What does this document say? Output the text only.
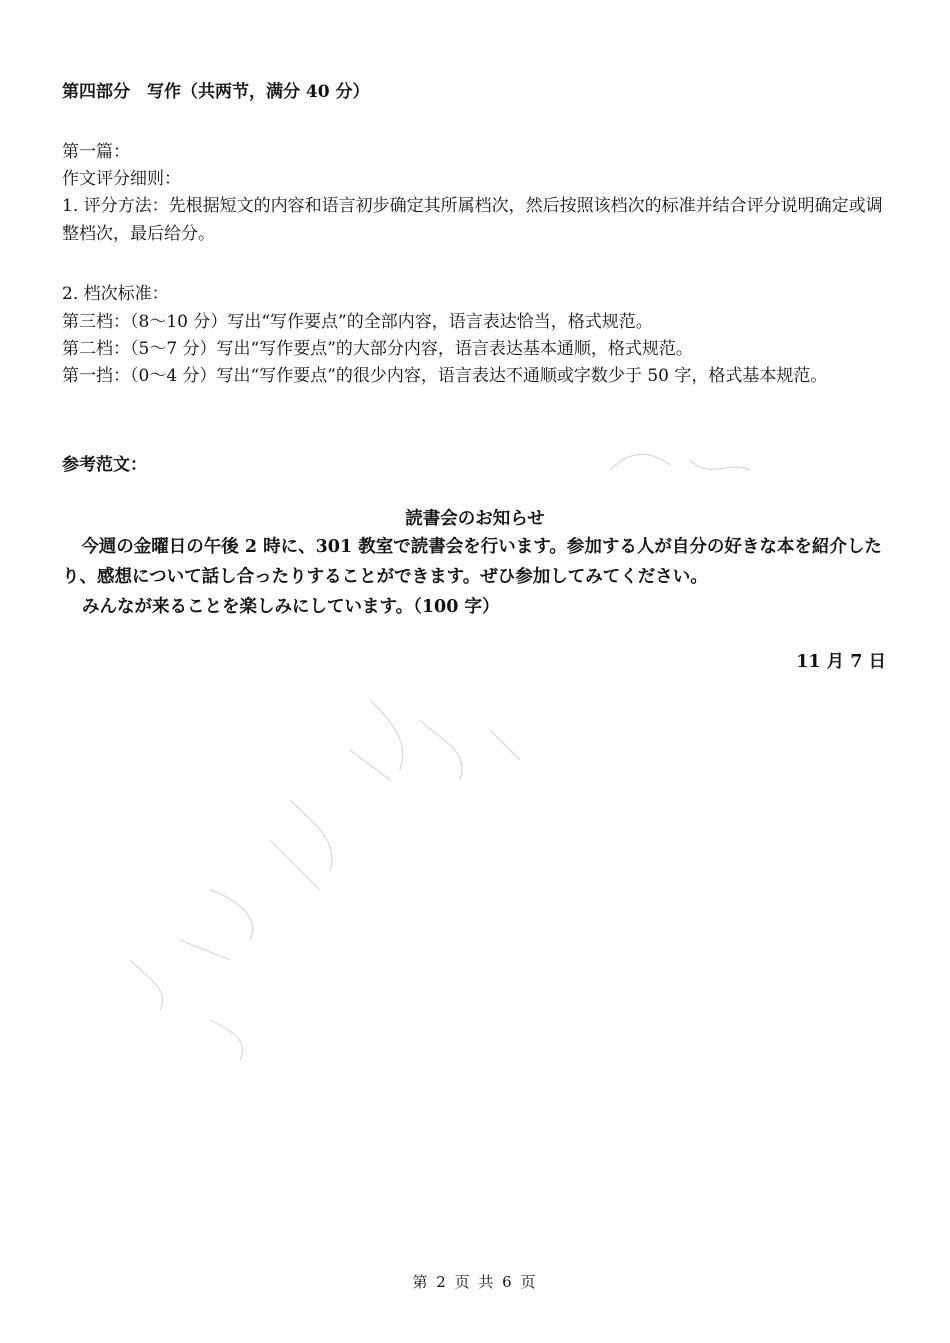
第四部分　写作（共两节，满分 40 分）
第一篇：
作文评分细则：
1. 评分方法：先根据短文的内容和语言初步确定其所属档次，然后按照该档次的标准并结合评分说明确定或调整档次，最后给分。
2. 档次标准：
第三档：（8～10 分）写出“写作要点”的全部内容，语言表达恰当，格式规范。
第二档：（5～7 分）写出“写作要点”的大部分内容，语言表达基本通顺，格式规范。
第一挡：（0～4 分）写出“写作要点”的很少内容，语言表达不通顺或字数少于 50 字，格式基本规范。
参考范文：
読書会のお知らせ
今週の金曜日の午後 2 時に、301 教室で読書会を行います。参加する人が自分の好きな本を紹介したり、感想について話し合ったりすることができます。ぜひ参加してみてください。
みんなが来ることを楽しみにしています。（100 字）
11 月 7 日
第 2 页 共 6 页
